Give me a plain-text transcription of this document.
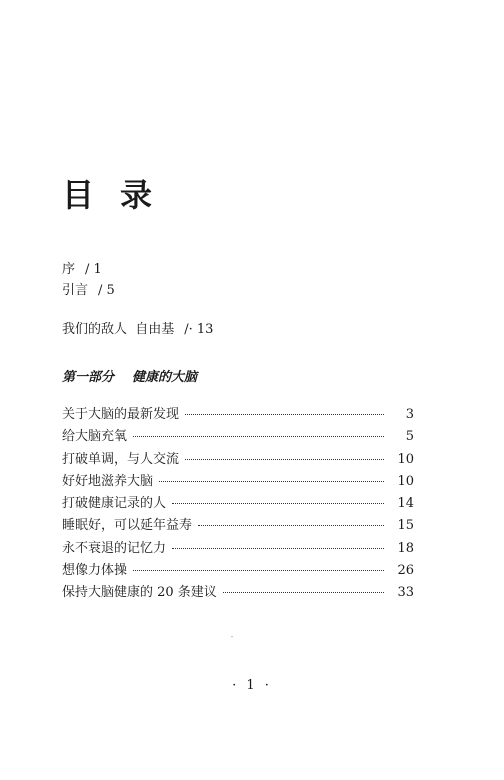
目 录
序 / 1
引言 / 5
我们的敌人  自由基 /· 13
第一部分 健康的大脑
关于大脑的最新发现	3
给大脑充氧	5
打破单调，与人交流	10
好好地滋养大脑	10
打破健康记录的人	14
睡眠好，可以延年益寿	15
永不衰退的记忆力	18
想像力体操	26
保持大脑健康的 20 条建议	33
· 1 ·
